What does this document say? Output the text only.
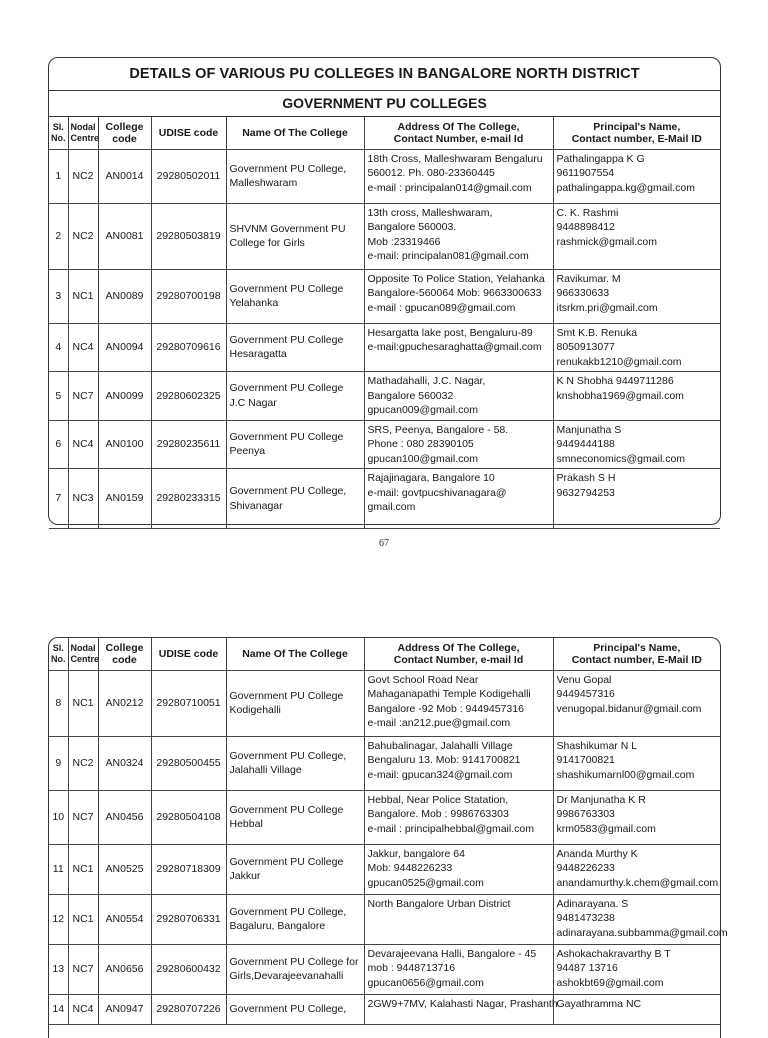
DETAILS OF VARIOUS PU COLLEGES IN BANGALORE NORTH DISTRICT
GOVERNMENT PU COLLEGES
Sl.
No.	Nodal
Centre	College
code	UDISE code	Name Of The College	Address Of The College,
Contact Number, e-mail Id	Principal's Name,
Contact number, E-Mail ID

1	NC2	AN0014	29280502011	Government PU College,
Malleshwaram	18th Cross, Malleshwaram Bengaluru
560012. Ph. 080-23360445
e-mail : principalan014@gmail.com	Pathalingappa K G
9611907554
pathalingappa.kg@gmail.com

2	NC2	AN0081	29280503819	SHVNM Government PU
College for Girls	13th cross, Malleshwaram,
Bangalore 560003.
Mob :23319466
e-mail: principalan081@gmail.com	C. K. Rashmi
9448898412
rashmick@gmail.com

3	NC1	AN0089	29280700198	Government PU College
Yelahanka	Opposite To Police Station, Yelahanka
Bangalore-560064 Mob: 9663300633
e-mail : gpucan089@gmail.com	Ravikumar. M
966330633
itsrkm.pri@gmail.com

4	NC4	AN0094	29280709616	Government PU College
Hesaragatta	Hesargatta lake post, Bengaluru-89
e-mail:gpuchesaraghatta@gmail.com	Smt K.B. Renuka
8050913077
renukakb1210@gmail.com

5	NC7	AN0099	29280602325	Government PU College
J.C Nagar	Mathadahalli, J.C. Nagar,
Bangalore 560032
gpucan009@gmail.com	K N Shobha 9449711286
knshobha1969@gmail.com

6	NC4	AN0100	29280235611	Government PU College
Peenya	SRS, Peenya, Bangalore - 58.
Phone : 080 28390105
gpucan100@gmail.com	Manjunatha S
9449444188
smneconomics@gmail.com

7	NC3	AN0159	29280233315	Government PU College,
Shivanagar	Rajajinagara, Bangalore 10
e-mail: govtpucshivanagara@
gmail.com	Prakash S H
9632794253
67
Sl.
No.	Nodal
Centre	College
code	UDISE code	Name Of The College	Address Of The College,
Contact Number, e-mail Id	Principal's Name,
Contact number, E-Mail ID

8	NC1	AN0212	29280710051	Government PU College
Kodigehalli	Govt School Road Near
Mahaganapathi Temple Kodigehalli
Bangalore -92 Mob : 9449457316
e-mail :an212.pue@gmail.com	Venu Gopal
9449457316
venugopal.bidanur@gmail.com

9	NC2	AN0324	29280500455	Government PU College,
Jalahalli Village	Bahubalinagar, Jalahalli Village
Bengaluru 13. Mob: 9141700821
e-mail: gpucan324@gmail.com	Shashikumar N L
9141700821
shashikumarnl00@gmail.com

10	NC7	AN0456	29280504108	Government PU College
Hebbal	Hebbal, Near Police Statation,
Bangalore. Mob : 9986763303
e-mail : principalhebbal@gmail.com	Dr Manjunatha K R
9986763303
krm0583@gmail.com

11	NC1	AN0525	29280718309	Government PU College
Jakkur	Jakkur, bangalore 64
Mob: 9448226233
gpucan0525@gmail.com	Ananda Murthy K
9448226233
anandamurthy.k.chem@gmail.com

12	NC1	AN0554	29280706331	Government PU College,
Bagaluru, Bangalore	North Bangalore Urban District	Adinarayana. S
9481473238
adinarayana.subbamma@gmail.com

13	NC7	AN0656	29280600432	Government PU College for
Girls,Devarajeevanahalli	Devarajeevana Halli, Bangalore - 45
mob : 9448713716
gpucan0656@gmail.com	Ashokachakravarthy B T
94487 13716
ashokbt69@gmail.com

14	NC4	AN0947	29280707226	Government PU College,	2GW9+7MV, Kalahasti Nagar, Prashanth	Gayathramma NC
